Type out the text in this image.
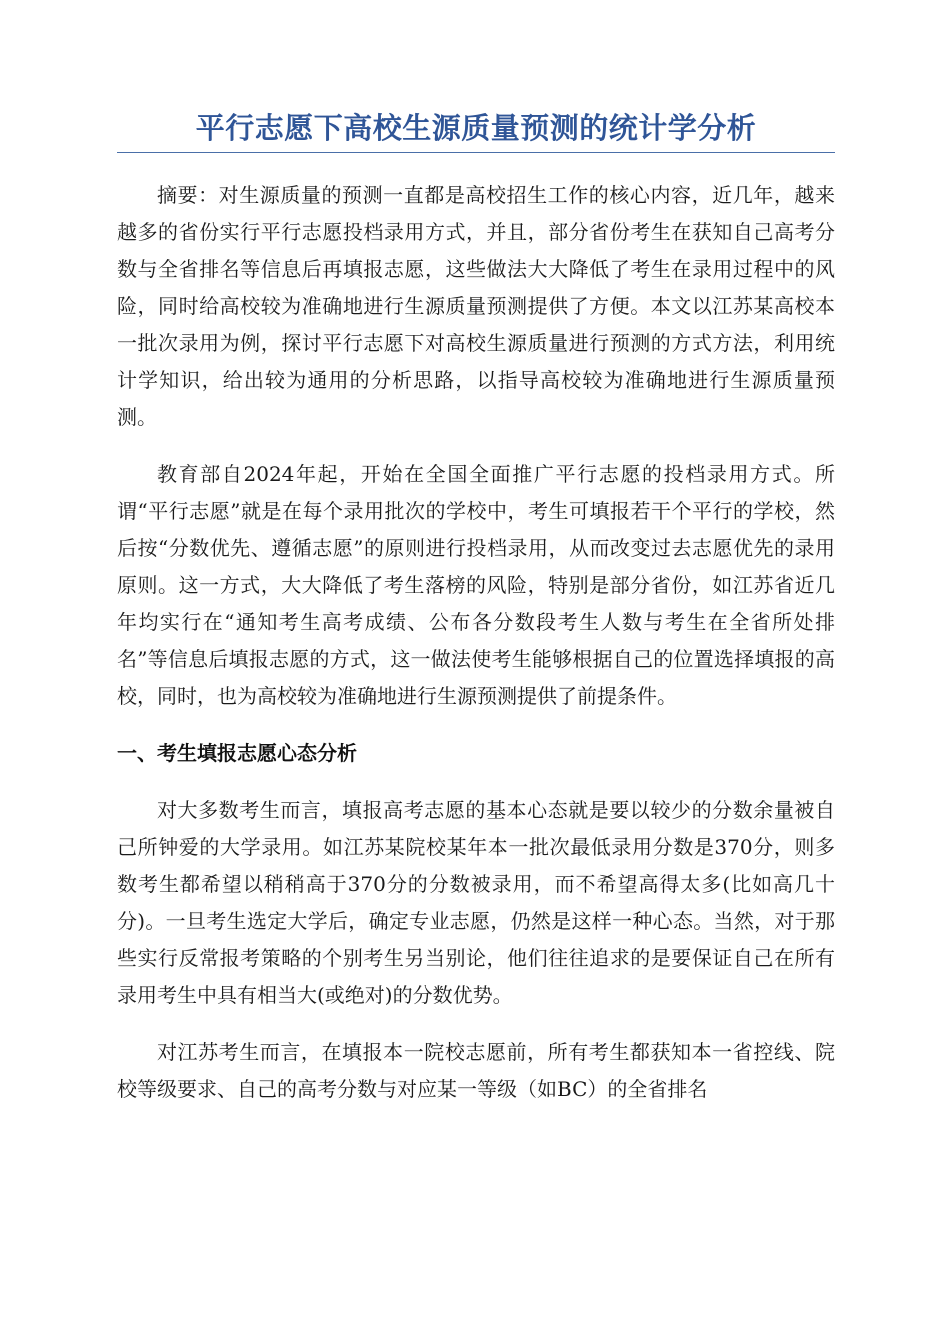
平行志愿下高校生源质量预测的统计学分析

摘要：对生源质量的预测一直都是高校招生工作的核心内容，近几年，越来越多的省份实行平行志愿投档录用方式，并且，部分省份考生在获知自己高考分数与全省排名等信息后再填报志愿，这些做法大大降低了考生在录用过程中的风险，同时给高校较为准确地进行生源质量预测提供了方便。本文以江苏某高校本一批次录用为例，探讨平行志愿下对高校生源质量进行预测的方式方法，利用统计学知识，给出较为通用的分析思路，以指导高校较为准确地进行生源质量预测。

教育部自2024年起，开始在全国全面推广平行志愿的投档录用方式。所谓“平行志愿”就是在每个录用批次的学校中，考生可填报若干个平行的学校，然后按“分数优先、遵循志愿”的原则进行投档录用，从而改变过去志愿优先的录用原则。这一方式，大大降低了考生落榜的风险，特别是部分省份，如江苏省近几年均实行在“通知考生高考成绩、公布各分数段考生人数与考生在全省所处排名”等信息后填报志愿的方式，这一做法使考生能够根据自己的位置选择填报的高校，同时，也为高校较为准确地进行生源预测提供了前提条件。

一、考生填报志愿心态分析

对大多数考生而言，填报高考志愿的基本心态就是要以较少的分数余量被自己所钟爱的大学录用。如江苏某院校某年本一批次最低录用分数是370分，则多数考生都希望以稍稍高于370分的分数被录用，而不希望高得太多(比如高几十分)。一旦考生选定大学后，确定专业志愿，仍然是这样一种心态。当然，对于那些实行反常报考策略的个别考生另当别论，他们往往追求的是要保证自己在所有录用考生中具有相当大(或绝对)的分数优势。

对江苏考生而言，在填报本一院校志愿前，所有考生都获知本一省控线、院校等级要求、自己的高考分数与对应某一等级（如BC）的全省排名
